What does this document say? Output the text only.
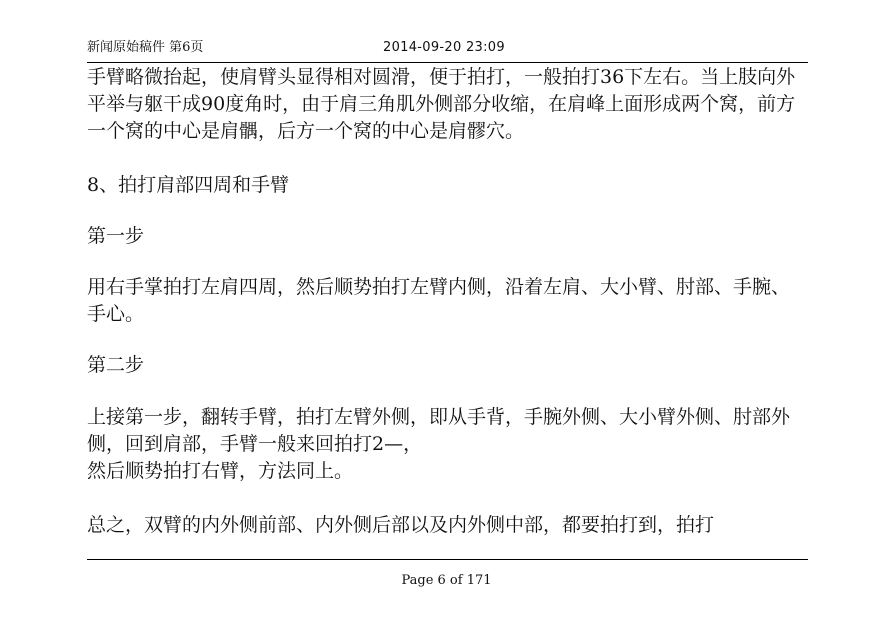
新闻原始稿件 第6页	2014-09-20 23:09

手臂略微抬起，使肩臂头显得相对圆滑，便于拍打，一般拍打36下左右。当上肢向外平举与躯干成90度角时，由于肩三角肌外侧部分收缩，在肩峰上面形成两个窝，前方一个窝的中心是肩髃，后方一个窝的中心是肩髎穴。

8、拍打肩部四周和手臂

第一步

用右手掌拍打左肩四周，然后顺势拍打左臂内侧，沿着左肩、大小臂、肘部、手腕、手心。

第二步

上接第一步，翻转手臂，拍打左臂外侧，即从手背，手腕外侧、大小臂外侧、肘部外侧，回到肩部，手臂一般来回拍打2—，
然后顺势拍打右臂，方法同上。

总之，双臂的内外侧前部、内外侧后部以及内外侧中部，都要拍打到，拍打

Page 6 of 171
